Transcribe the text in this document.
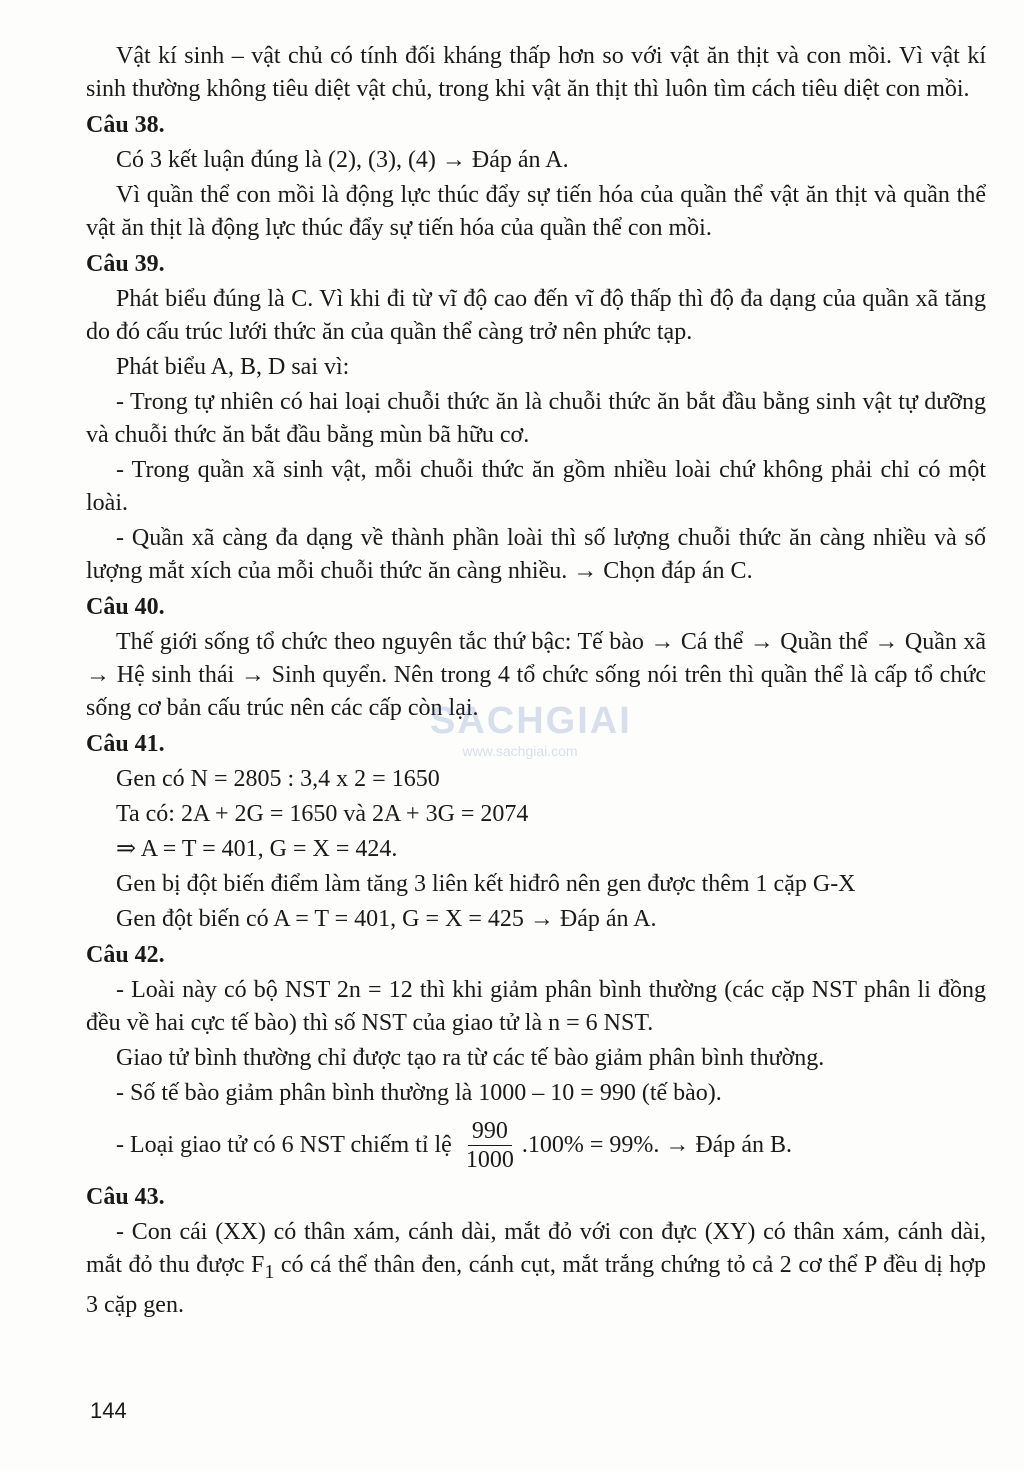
Vật kí sinh – vật chủ có tính đối kháng thấp hơn so với vật ăn thịt và con mồi. Vì vật kí sinh thường không tiêu diệt vật chủ, trong khi vật ăn thịt thì luôn tìm cách tiêu diệt con mồi.

Câu 38.

Có 3 kết luận đúng là (2), (3), (4) → Đáp án A.

Vì quần thể con mồi là động lực thúc đẩy sự tiến hóa của quần thể vật ăn thịt và quần thể vật ăn thịt là động lực thúc đẩy sự tiến hóa của quần thể con mồi.

Câu 39.

Phát biểu đúng là C. Vì khi đi từ vĩ độ cao đến vĩ độ thấp thì độ đa dạng của quần xã tăng do đó cấu trúc lưới thức ăn của quần thể càng trở nên phức tạp.

Phát biểu A, B, D sai vì:

- Trong tự nhiên có hai loại chuỗi thức ăn là chuỗi thức ăn bắt đầu bằng sinh vật tự dưỡng và chuỗi thức ăn bắt đầu bằng mùn bã hữu cơ.

- Trong quần xã sinh vật, mỗi chuỗi thức ăn gồm nhiều loài chứ không phải chỉ có một loài.

- Quần xã càng đa dạng về thành phần loài thì số lượng chuỗi thức ăn càng nhiều và số lượng mắt xích của mỗi chuỗi thức ăn càng nhiều. → Chọn đáp án C.

Câu 40.

Thế giới sống tổ chức theo nguyên tắc thứ bậc: Tế bào → Cá thể → Quần thể → Quần xã → Hệ sinh thái → Sinh quyển. Nên trong 4 tổ chức sống nói trên thì quần thể là cấp tổ chức sống cơ bản cấu trúc nên các cấp còn lại.

Câu 41.

Gen có N = 2805 : 3,4 x 2 = 1650

Ta có: 2A + 2G = 1650 và 2A + 3G = 2074

⇒ A = T = 401, G = X = 424.

Gen bị đột biến điểm làm tăng 3 liên kết hiđrô nên gen được thêm 1 cặp G-X

Gen đột biến có A = T = 401, G = X = 425 → Đáp án A.

Câu 42.

- Loài này có bộ NST 2n = 12 thì khi giảm phân bình thường (các cặp NST phân li đồng đều về hai cực tế bào) thì số NST của giao tử là n = 6 NST.

Giao tử bình thường chỉ được tạo ra từ các tế bào giảm phân bình thường.

- Số tế bào giảm phân bình thường là 1000 – 10 = 990 (tế bào).

- Loại giao tử có 6 NST chiếm tỉ lệ $\frac{990}{1000} .100\% = 99\%$. → Đáp án B.

Câu 43.

- Con cái (XX) có thân xám, cánh dài, mắt đỏ với con đực (XY) có thân xám, cánh dài, mắt đỏ thu được $F_1$ có cá thể thân đen, cánh cụt, mắt trắng chứng tỏ cả 2 cơ thể P đều dị hợp 3 cặp gen.

SACHGIAI
www.sachgiai.com
144
